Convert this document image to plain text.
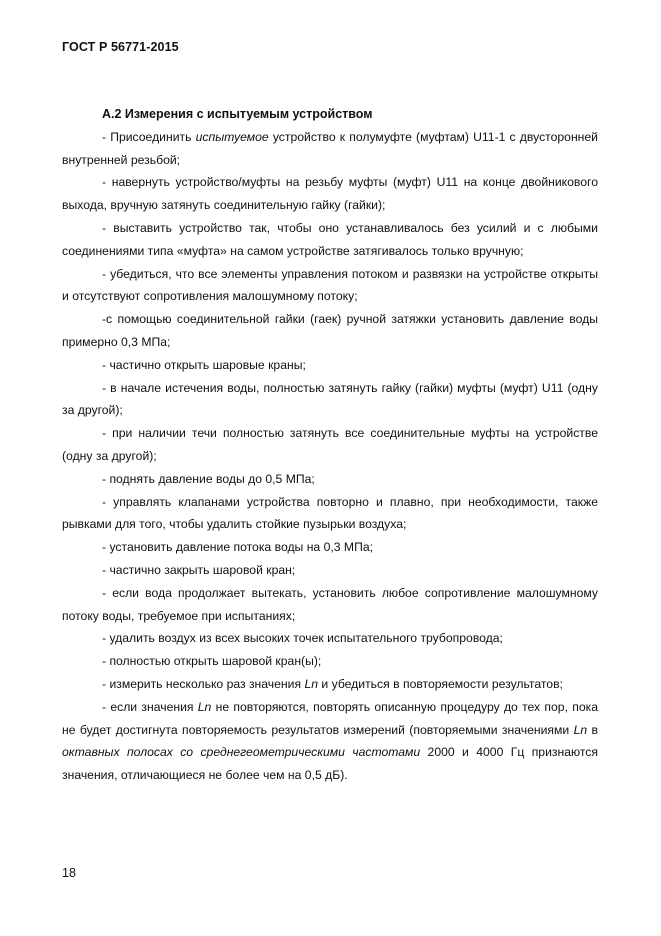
ГОСТ Р 56771-2015

А.2 Измерения с испытуемым устройством

- Присоединить испытуемое устройство к полумуфте (муфтам) U11-1 с двусторонней внутренней резьбой;

- навернуть устройство/муфты на резьбу муфты (муфт) U11 на конце двойникового выхода, вручную затянуть соединительную гайку (гайки);

- выставить устройство так, чтобы оно устанавливалось без усилий и с любыми соединениями типа «муфта» на самом устройстве затягивалось только вручную;

- убедиться, что все элементы управления потоком и развязки на устройстве открыты и отсутствуют сопротивления малошумному потоку;

-с помощью соединительной гайки (гаек) ручной затяжки установить давление воды примерно 0,3 МПа;

- частично открыть шаровые краны;

- в начале истечения воды, полностью затянуть гайку (гайки) муфты (муфт) U11 (одну за другой);

- при наличии течи полностью затянуть все соединительные муфты на устройстве (одну за другой);

- поднять давление воды до 0,5 МПа;

- управлять клапанами устройства повторно и плавно, при необходимости, также рывками для того, чтобы удалить стойкие пузырьки воздуха;

- установить давление потока воды на 0,3 МПа;

- частично закрыть шаровой кран;

- если вода продолжает вытекать, установить любое сопротивление малошумному потоку воды, требуемое при испытаниях;

- удалить воздух из всех высоких точек испытательного трубопровода;

- полностью открыть шаровой кран(ы);

- измерить несколько раз значения Ln и убедиться в повторяемости результатов;

- если значения Ln не повторяются, повторять описанную процедуру до тех пор, пока не будет достигнута повторяемость результатов измерений (повторяемыми значениями Ln в октавных полосах со среднегеометрическими частотами 2000 и 4000 Гц признаются значения, отличающиеся не более чем на 0,5 дБ).

18
